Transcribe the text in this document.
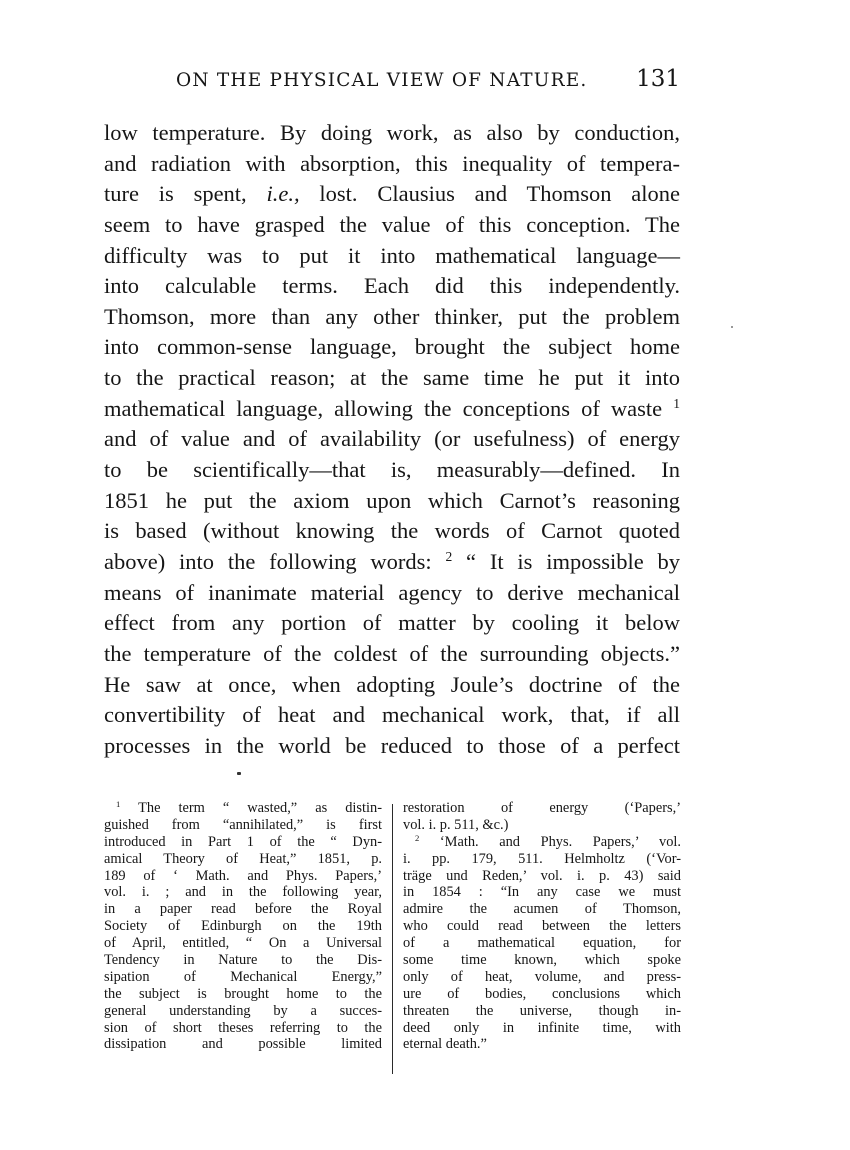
ON THE PHYSICAL VIEW OF NATURE. 131
low temperature. By doing work, as also by conduction,
and radiation with absorption, this inequality of tempera-
ture is spent, i.e., lost. Clausius and Thomson alone
seem to have grasped the value of this conception. The
difficulty was to put it into mathematical language—
into calculable terms. Each did this independently.
Thomson, more than any other thinker, put the problem
into common-sense language, brought the subject home
to the practical reason; at the same time he put it into
mathematical language, allowing the conceptions of waste $^1$
and of value and of availability (or usefulness) of energy
to be scientifically—that is, measurably—defined. In
1851 he put the axiom upon which Carnot’s reasoning
is based (without knowing the words of Carnot quoted
above) into the following words: $^2$ “ It is impossible by
means of inanimate material agency to derive mechanical
effect from any portion of matter by cooling it below
the temperature of the coldest of the surrounding objects.”
He saw at once, when adopting Joule’s doctrine of the
convertibility of heat and mechanical work, that, if all
processes in the world be reduced to those of a perfect
$^1$ The term “ wasted,” as distin-
guished from “annihilated,” is first
introduced in Part 1 of the “ Dyn-
amical Theory of Heat,” 1851, p.
189 of ‘ Math. and Phys. Papers,’
vol. i. ; and in the following year,
in a paper read before the Royal
Society of Edinburgh on the 19th
of April, entitled, “ On a Universal
Tendency in Nature to the Dis-
sipation of Mechanical Energy,”
the subject is brought home to the
general understanding by a succes-
sion of short theses referring to the
dissipation and possible limited
restoration of energy (‘Papers,’
vol. i. p. 511, &c.)
$^2$ ‘Math. and Phys. Papers,’ vol.
i. pp. 179, 511. Helmholtz (‘Vor-
träge und Reden,’ vol. i. p. 43) said
in 1854 : “In any case we must
admire the acumen of Thomson,
who could read between the letters
of a mathematical equation, for
some time known, which spoke
only of heat, volume, and press-
ure of bodies, conclusions which
threaten the universe, though in-
deed only in infinite time, with
eternal death.”
